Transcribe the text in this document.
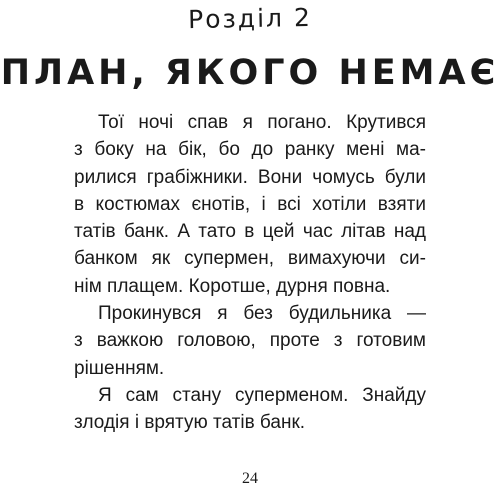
Розділ 2
ПЛАН, ЯКОГО НЕМАЄ
Тої ночі спав я погано. Крутився
з боку на бік, бо до ранку мені ма-
рилися грабіжники. Вони чомусь були
в костюмах єнотів, і всі хотіли взяти
татів банк. А тато в цей час літав над
банком як супермен, вимахуючи си-
нім плащем. Коротше, дурня повна.
Прокинувся я без будильника —
з важкою головою, проте з готовим
рішенням.
Я сам стану суперменом. Знайду
злодія і врятую татів банк.
24
